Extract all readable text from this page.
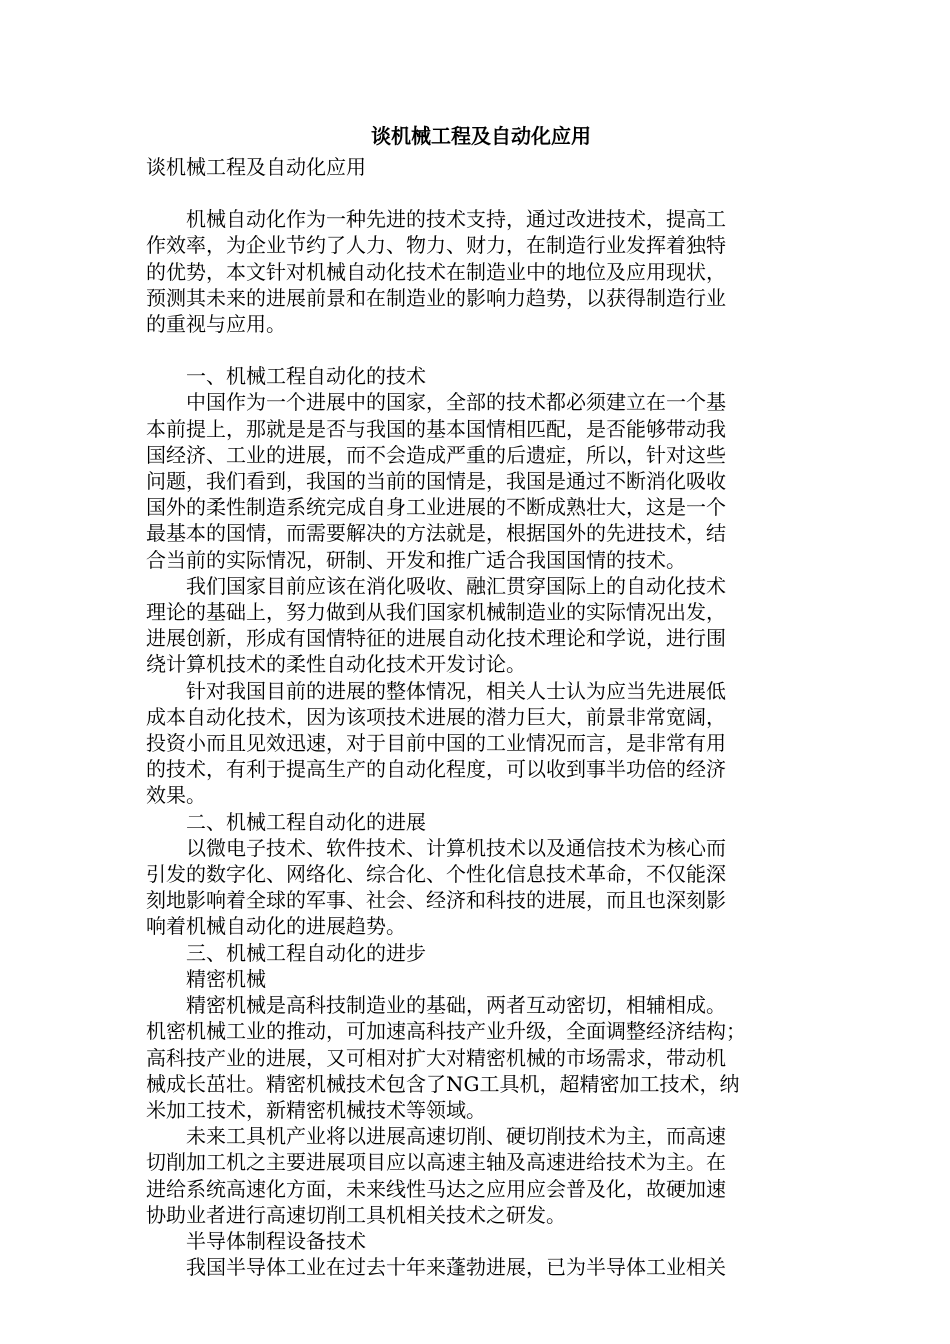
谈机械工程及自动化应用
谈机械工程及自动化应用
　　机械自动化作为一种先进的技术支持，通过改进技术，提高工
作效率，为企业节约了人力、物力、财力，在制造行业发挥着独特
的优势，本文针对机械自动化技术在制造业中的地位及应用现状，
预测其未来的进展前景和在制造业的影响力趋势，以获得制造行业
的重视与应用。
　　一、机械工程自动化的技术
　　中国作为一个进展中的国家，全部的技术都必须建立在一个基
本前提上，那就是是否与我国的基本国情相匹配，是否能够带动我
国经济、工业的进展，而不会造成严重的后遗症，所以，针对这些
问题，我们看到，我国的当前的国情是，我国是通过不断消化吸收
国外的柔性制造系统完成自身工业进展的不断成熟壮大，这是一个
最基本的国情，而需要解决的方法就是，根据国外的先进技术，结
合当前的实际情况，研制、开发和推广适合我国国情的技术。
　　我们国家目前应该在消化吸收、融汇贯穿国际上的自动化技术
理论的基础上，努力做到从我们国家机械制造业的实际情况出发，
进展创新，形成有国情特征的进展自动化技术理论和学说，进行围
绕计算机技术的柔性自动化技术开发讨论。
　　针对我国目前的进展的整体情况，相关人士认为应当先进展低
成本自动化技术，因为该项技术进展的潜力巨大，前景非常宽阔，
投资小而且见效迅速，对于目前中国的工业情况而言，是非常有用
的技术，有利于提高生产的自动化程度，可以收到事半功倍的经济
效果。
　　二、机械工程自动化的进展
　　以微电子技术、软件技术、计算机技术以及通信技术为核心而
引发的数字化、网络化、综合化、个性化信息技术革命，不仅能深
刻地影响着全球的军事、社会、经济和科技的进展，而且也深刻影
响着机械自动化的进展趋势。
　　三、机械工程自动化的进步
　　精密机械
　　精密机械是高科技制造业的基础，两者互动密切，相辅相成。
机密机械工业的推动，可加速高科技产业升级，全面调整经济结构；
高科技产业的进展，又可相对扩大对精密机械的市场需求，带动机
械成长茁壮。精密机械技术包含了NG工具机，超精密加工技术，纳
米加工技术，新精密机械技术等领域。
　　未来工具机产业将以进展高速切削、硬切削技术为主，而高速
切削加工机之主要进展项目应以高速主轴及高速进给技术为主。在
进给系统高速化方面，未来线性马达之应用应会普及化，故硬加速
协助业者进行高速切削工具机相关技术之研发。
　　半导体制程设备技术
　　我国半导体工业在过去十年来蓬勃进展，已为半导体工业相关
